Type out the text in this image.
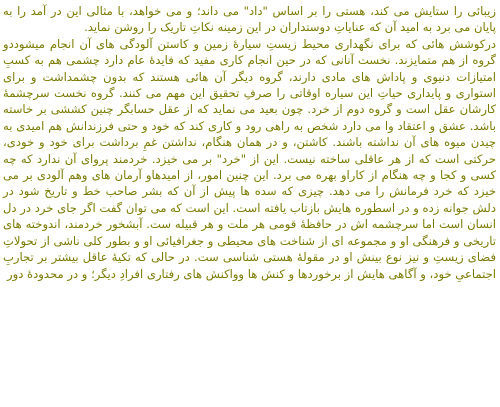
زیبائی را ستایش می کند، هستی را بر اساس "داد" می داند؛ و می خواهد، با مثالی این در آمد را به پایان می برد به امید آن که عنایاتِ دوستداران در این زمینه نکاتِ تاریک را روشن نماید.

درکوشش هائی که برای نگهداری محیط زیستِ سیارهٔ زمین و کاستن آلودگی های آن انجام میشوددو گروه از هم متمایزند. نخست آنانی که در حین انجام کاری مفید که فایدهٔ عام دارد چشمی هم به کسبِ امتیازات دنیوی و پاداش های مادی دارند، گروه دیگر آن هائی هستند که بدون چشمداشت و برای استواری و پایداری حیاتِ این سیاره اوقاتی را صرفِ تحقیق این مهم می کنند. گروه نخست سرچشمهٔ کارشان عقل است و گروه دوم از خرد. چون بعید می نماید که از عقل حسابگر چنین کششی بر خاسته باشد. عشق و اعتقاد وا می دارد شخص به راهی رود و کاری کند که خود و حتی فرزندانش هم امیدی به چیدن میوه های آن نداشته باشند. کاشتن، و در همان هنگام، نداشتن غمِ برداشت برای خود و خودی، حرکتی است که از هر عاقلی ساخته نیست. این از "خرد" بر می خیزد. خردمند پروای آن ندارد که چه کسی و کجا و چه هنگام از کاراو بهره می برد. این چنین امور، از امیدهاو آرمان های وهم آلودی بر می خیزد که خرد فرمانش را می دهد. چیزی که سده ها پیش از آن که بشر صاحب خط و تاریخ شود در دلش جوانه زده و در اسطوره هایش بازتاب یافته است. این است که می توان گفت اگر جای خرد در دل انسان است اما سرچشمه اش در حافظهٔ قومی هر ملت و هر قبیله ست. آبشخور خردمند، اندوخته های تاریخی و فرهنگی او و مجموعه ای از شناخت های محیطی و جغرافیائی او و بطور کلی ناشی از تحولاتِ فضای زیستِ و نیز نوع بینش او در مقولهٔ هستی شناسی ست. در حالی که تکیهٔ عاقل بیشتر بر تجاربِ اجتماعیِ خود، و آگاهی هایش از برخوردها و کنش ها وواکنش های رفتاری افرادِ دیگر؛ و در محدودهٔ دور
